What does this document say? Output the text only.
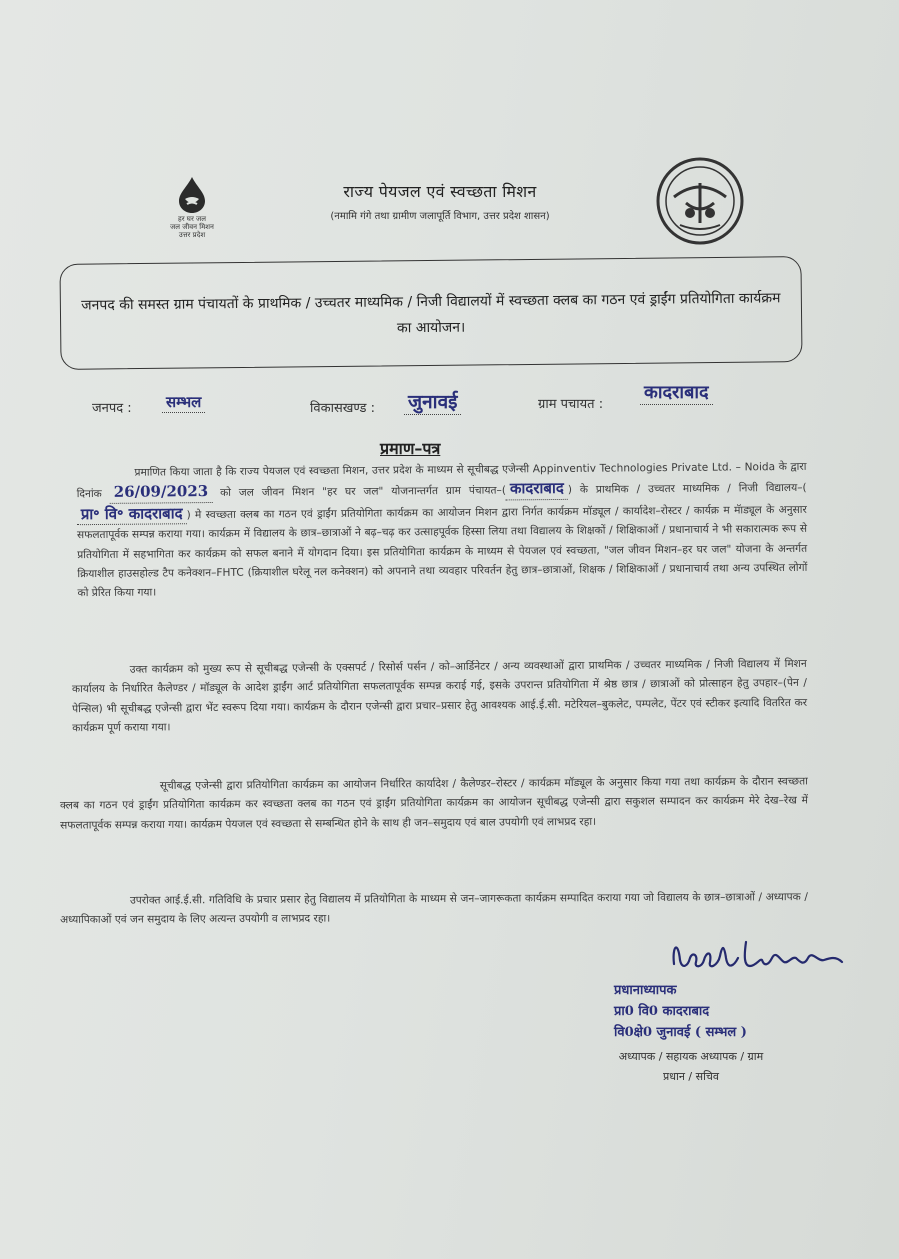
हर घर जल
जल जीवन मिशन
उत्तर प्रदेश
राज्य पेयजल एवं स्वच्छता मिशन
(नमामि गंगे तथा ग्रामीण जलापूर्ति विभाग, उत्तर प्रदेश शासन)
जनपद की समस्त ग्राम पंचायतों के प्राथमिक / उच्चतर माध्यमिक / निजी विद्यालयों में स्वच्छता क्लब का गठन एवं ड्राईंग प्रतियोगिता कार्यक्रम का आयोजन।
जनपद : सम्भल	विकासखण्ड : जुनावई	ग्राम पचायत :
कादराबाद
प्रमाण–पत्र
प्रमाणित किया जाता है कि राज्य पेयजल एवं स्वच्छता मिशन, उत्तर प्रदेश के माध्यम से सूचीबद्ध एजेन्सी Appinventiv Technologies Private Ltd. – Noida के द्वारा दिनांक 26/09/2023 को जल जीवन मिशन "हर घर जल" योजनान्तर्गत ग्राम पंचायत–( कादराबाद ) के प्राथमिक / उच्चतर माध्यमिक / निजी विद्यालय–(प्रा॰ वि॰ कादराबाद ) मे स्वच्छता क्लब का गठन एवं ड्राईंग प्रतियोगिता कार्यक्रम का आयोजन मिशन द्वारा निर्गत कार्यक्रम मॉड्यूल / कार्यादेश–रोस्टर / कार्यक्र म मॅाड्यूल के अनुसार सफलतापूर्वक सम्पन्न कराया गया। कार्यक्रम में विद्यालय के छात्र–छात्राओं ने बढ़–चढ़ कर उत्साहपूर्वक हिस्सा लिया तथा विद्यालय के शिक्षकों / शिक्षिकाओं / प्रधानाचार्य ने भी सकारात्मक रूप से प्रतियोगिता में सहभागिता कर कार्यक्रम को सफल बनाने में योगदान दिया। इस प्रतियोगिता कार्यक्रम के माध्यम से पेयजल एवं स्वच्छता, "जल जीवन मिशन–हर घर जल" योजना के अन्तर्गत क्रियाशील हाउसहोल्ड टैप कनेक्शन–FHTC (क्रियाशील घरेलू नल कनेक्शन) को अपनाने तथा व्यवहार परिवर्तन हेतु छात्र–छात्राओं, शिक्षक / शिक्षिकाओं / प्रधानाचार्य तथा अन्य उपस्थित लोगों को प्रेरित किया गया।
उक्त कार्यक्रम को मुख्य रूप से सूचीबद्ध एजेन्सी के एक्सपर्ट / रिसोर्स पर्सन / को–आर्डिनेटर / अन्य व्यवस्थाओं द्वारा प्राथमिक / उच्चतर माध्यमिक / निजी विद्यालय में मिशन कार्यालय के निर्धारित कैलेण्डर / मॉड्यूल के आदेश ड्राईंग आर्ट प्रतियोगिता सफलतापूर्वक सम्पन्न कराई गई, इसके उपरान्त प्रतियोगिता में श्रेष्ठ छात्र / छात्राओं को प्रोत्साहन हेतु उपहार–(पेन / पेन्सिल) भी सूचीबद्ध एजेन्सी द्वारा भेंट स्वरूप दिया गया। कार्यक्रम के दौरान एजेन्सी द्वारा प्रचार–प्रसार हेतु आवश्यक आई.ई.सी. मटेरियल–बुकलेट, पम्पलेट, पेंटर एवं स्टीकर इत्यादि वितरित कर कार्यक्रम पूर्ण कराया गया।
सूचीबद्ध एजेन्सी द्वारा प्रतियोगिता कार्यक्रम का आयोजन निर्धारित कार्यादेश / कैलेण्डर–रोस्टर / कार्यक्रम मॉड्यूल के अनुसार किया गया तथा कार्यक्रम के दौरान स्वच्छता क्लब का गठन एवं ड्राईंग प्रतियोगिता कार्यक्रम कर स्वच्छता क्लब का गठन एवं ड्राईंग प्रतियोगिता कार्यक्रम का आयोजन सूचीबद्ध एजेन्सी द्वारा सकुशल सम्पादन कर कार्यक्रम मेरे देख–रेख में सफलतापूर्वक सम्पन्न कराया गया। कार्यक्रम पेयजल एवं स्वच्छता से सम्बन्धित होने के साथ ही जन–समुदाय एवं बाल उपयोगी एवं लाभप्रद रहा।
उपरोक्त आई.ई.सी. गतिविधि के प्रचार प्रसार हेतु विद्यालय में प्रतियोगिता के माध्यम से जन–जागरूकता कार्यक्रम सम्पादित कराया गया जो विद्यालय के छात्र–छात्राओं / अध्यापक / अध्यापिकाओं एवं जन समुदाय के लिए अत्यन्त उपयोगी व लाभप्रद रहा।
प्रधानाध्यापक
प्रा0 वि0 कादराबाद
वि0क्षे0 जुनावई ( सम्भल )
अध्यापक / सहायक अध्यापक / ग्राम
प्रधान / सचिव
